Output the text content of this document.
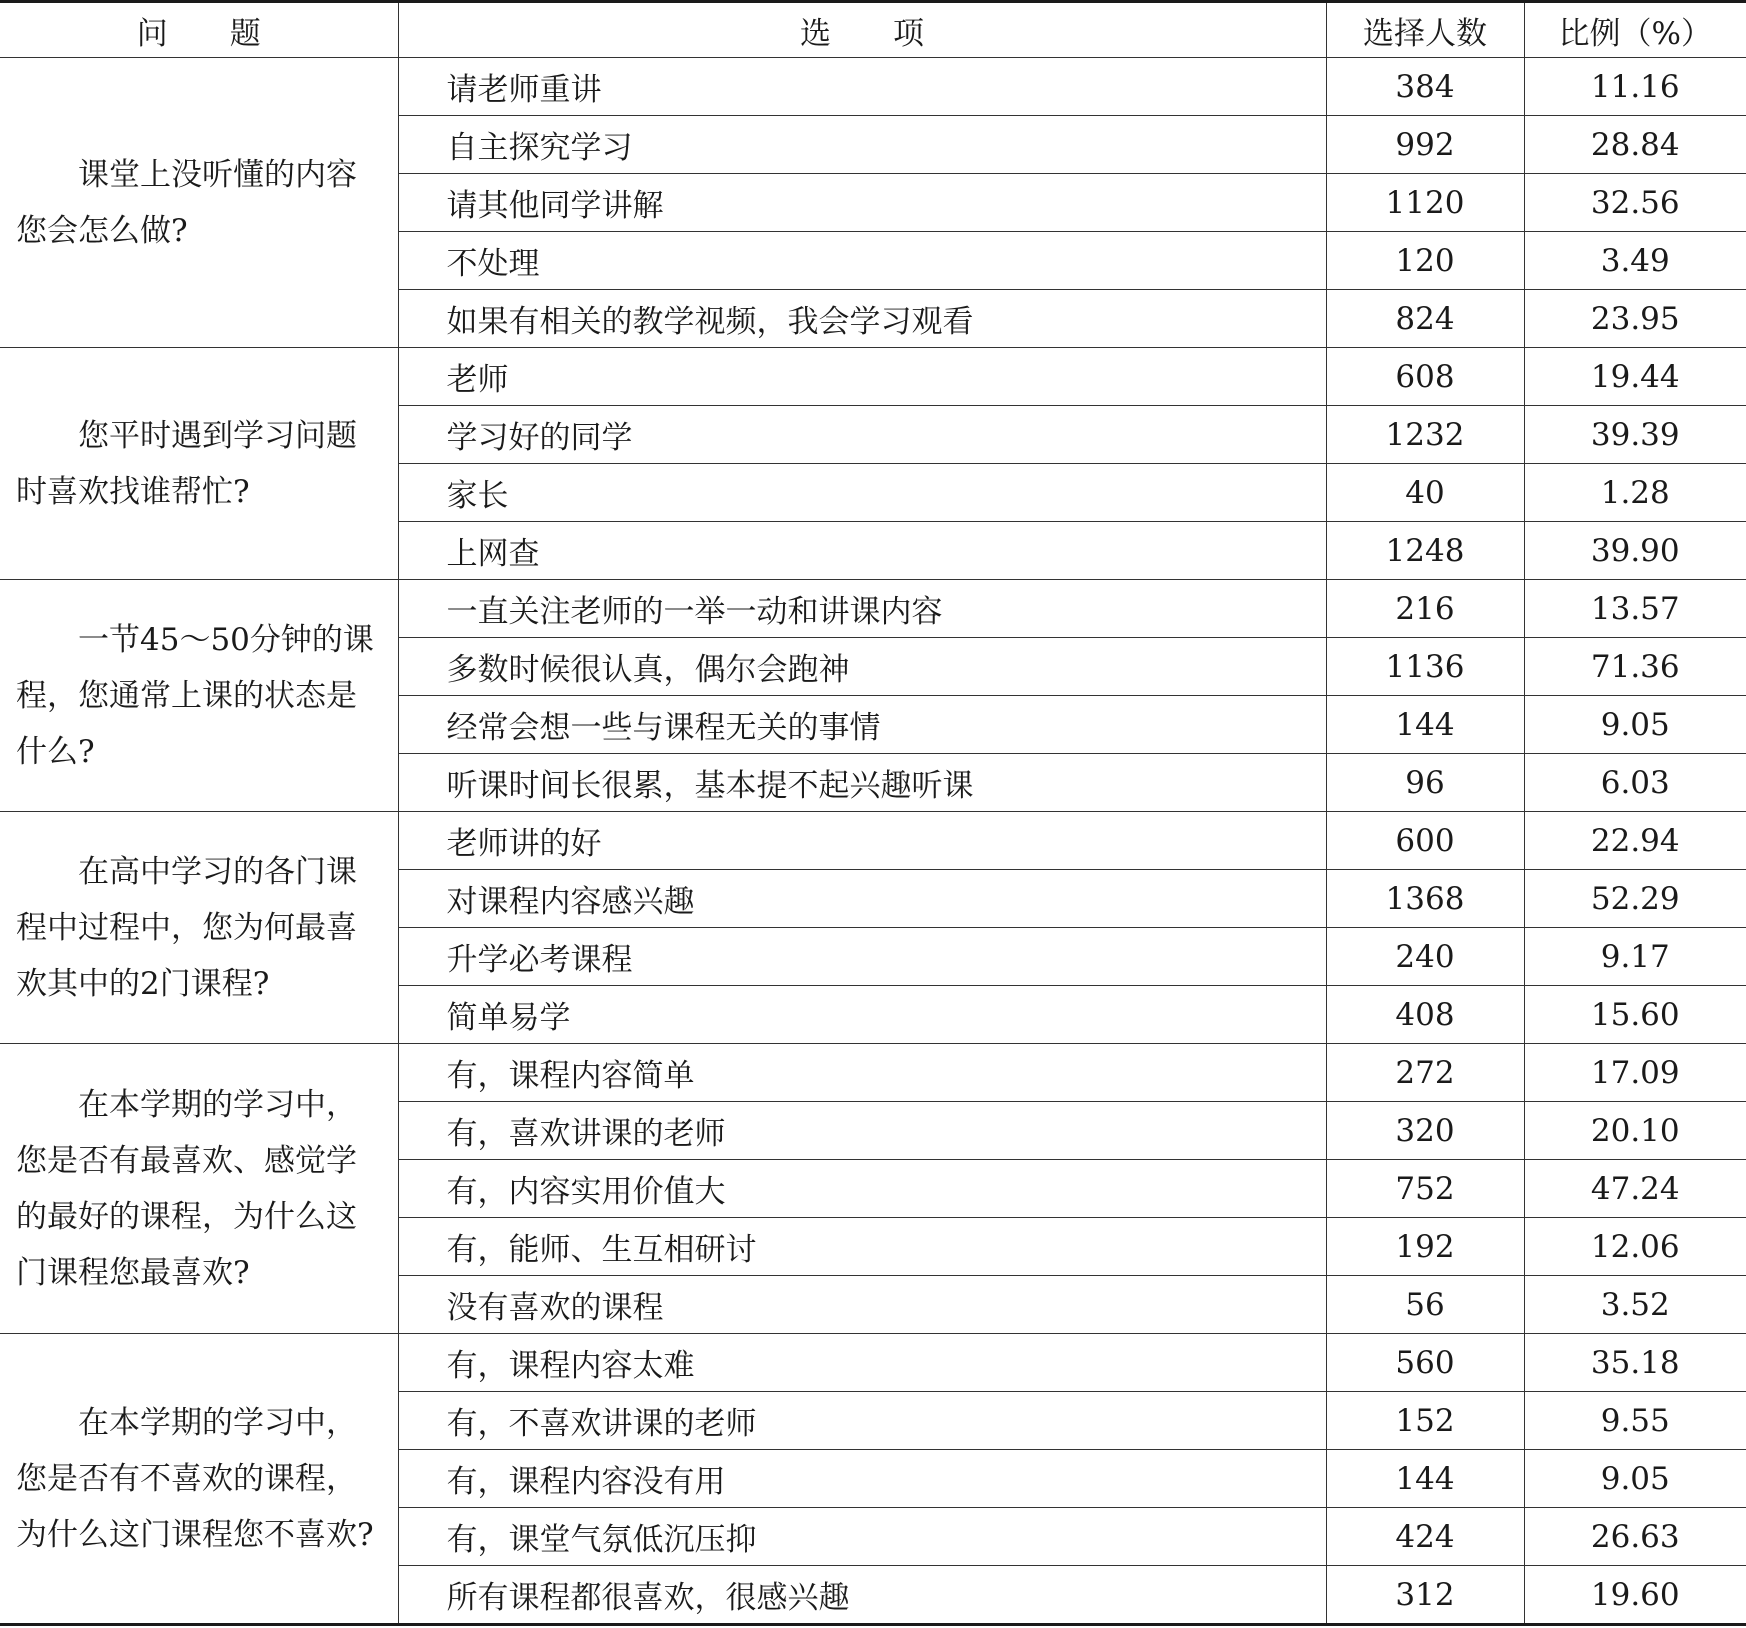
问　　题	选　　项	选择人数	比例（%）
课堂上没听懂的内容您会怎么做?	请老师重讲	384	11.16
	自主探究学习	992	28.84
	请其他同学讲解	1120	32.56
	不处理	120	3.49
	如果有相关的教学视频，我会学习观看	824	23.95
您平时遇到学习问题时喜欢找谁帮忙?	老师	608	19.44
	学习好的同学	1232	39.39
	家长	40	1.28
	上网查	1248	39.90
一节45～50分钟的课程，您通常上课的状态是什么?	一直关注老师的一举一动和讲课内容	216	13.57
	多数时候很认真，偶尔会跑神	1136	71.36
	经常会想一些与课程无关的事情	144	9.05
	听课时间长很累，基本提不起兴趣听课	96	6.03
在高中学习的各门课程中过程中，您为何最喜欢其中的2门课程?	老师讲的好	600	22.94
	对课程内容感兴趣	1368	52.29
	升学必考课程	240	9.17
	简单易学	408	15.60
在本学期的学习中，您是否有最喜欢、感觉学的最好的课程，为什么这门课程您最喜欢?	有，课程内容简单	272	17.09
	有，喜欢讲课的老师	320	20.10
	有，内容实用价值大	752	47.24
	有，能师、生互相研讨	192	12.06
	没有喜欢的课程	56	3.52
在本学期的学习中，您是否有不喜欢的课程，为什么这门课程您不喜欢?	有，课程内容太难	560	35.18
	有，不喜欢讲课的老师	152	9.55
	有，课程内容没有用	144	9.05
	有，课堂气氛低沉压抑	424	26.63
	所有课程都很喜欢，很感兴趣	312	19.60
